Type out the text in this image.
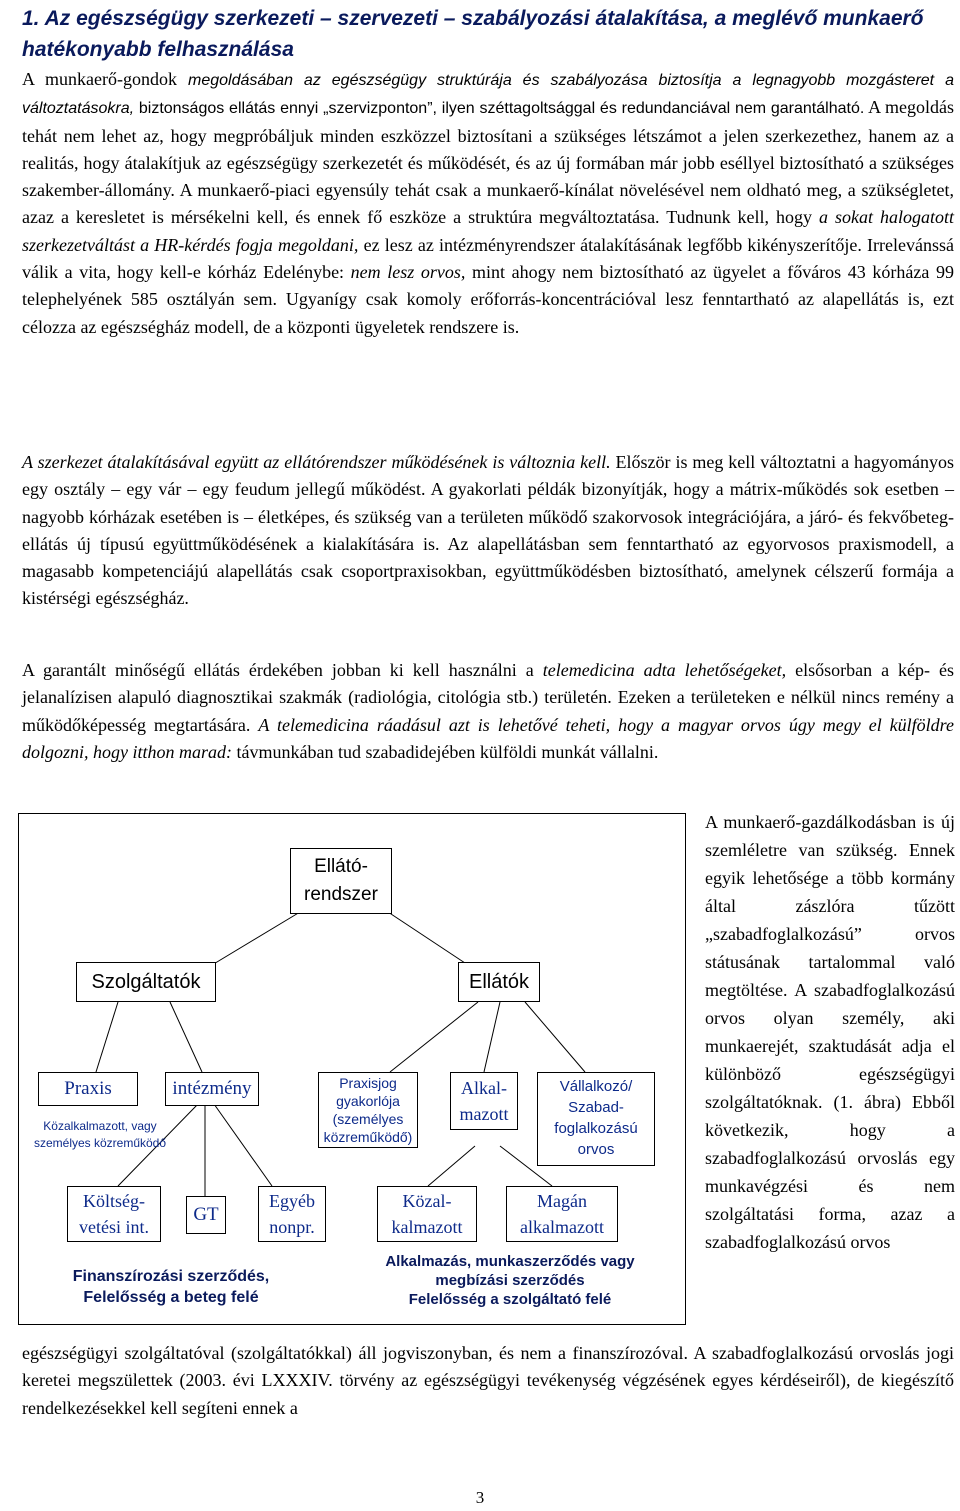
1. Az egészségügy szerkezeti – szervezeti – szabályozási átalakítása, a meglévő munkaerő hatékonyabb felhasználása

A munkaerő-gondok megoldásában az egészségügy struktúrája és szabályozása biztosítja a legnagyobb mozgásteret a változtatásokra, biztonságos ellátás ennyi „szervizponton”, ilyen széttagoltsággal és redundanciával nem garantálható. A megoldás tehát nem lehet az, hogy megpróbáljuk minden eszközzel biztosítani a szükséges létszámot a jelen szerkezethez, hanem az a realitás, hogy átalakítjuk az egészségügy szerkezetét és működését, és az új formában már jobb eséllyel biztosítható a szükséges szakember-állomány. A munkaerő-piaci egyensúly tehát csak a munkaerő-kínálat növelésével nem oldható meg, a szükségletet, azaz a keresletet is mérsékelni kell, és ennek fő eszköze a struktúra megváltoztatása. Tudnunk kell, hogy a sokat halogatott szerkezetváltást a HR-kérdés fogja megoldani, ez lesz az intézményrendszer átalakításának legfőbb kikényszerítője. Irrelevánssá válik a vita, hogy kell-e kórház Edelénybe: nem lesz orvos, mint ahogy nem biztosítható az ügyelet a főváros 43 kórháza 99 telephelyének 585 osztályán sem. Ugyanígy csak komoly erőforrás-koncentrációval lesz fenntartható az alapellátás is, ezt célozza az egészségház modell, de a központi ügyeletek rendszere is.

A szerkezet átalakításával együtt az ellátórendszer működésének is változnia kell. Először is meg kell változtatni a hagyományos egy osztály – egy vár – egy feudum jellegű működést. A gyakorlati példák bizonyítják, hogy a mátrix-működés sok esetben – nagyobb kórházak esetében is – életképes, és szükség van a területen működő szakorvosok integrációjára, a járó- és fekvőbeteg-ellátás új típusú együttműködésének a kialakítására is. Az alapellátásban sem fenntartható az egyorvosos praxismodell, a magasabb kompetenciájú alapellátás csak csoportpraxisokban, együttműködésben biztosítható, amelynek célszerű formája a kistérségi egészségház.

A garantált minőségű ellátás érdekében jobban ki kell használni a telemedicina adta lehetőségeket, elsősorban a kép- és jelanalízisen alapuló diagnosztikai szakmák (radiológia, citológia stb.) területén. Ezeken a területeken e nélkül nincs remény a működőképesség megtartására. A telemedicina ráadásul azt is lehetővé teheti, hogy a magyar orvos úgy megy el külföldre dolgozni, hogy itthon marad: távmunkában tud szabadidejében külföldi munkát vállalni.

Ellátó-
rendszer
Szolgáltatók	Ellátók
Praxis
Közalkalmazott, vagy
személyes közreműködő
intézmény
Költség-
vetési int.
GT
Egyéb
nonpr.
Praxisjog
gyakorlója
(személyes
közreműködő)
Alkal-
mazott
Vállalkozó/
Szabad-
foglalkozású
orvos
Közal-
kalmazott
Magán
alkalmazott
Finanszírozási szerződés,
Felelősség a beteg felé
Alkalmazás, munkaszerződés vagy
megbízási szerződés
Felelősség a szolgáltató felé

A munkaerő-gazdálkodásban is új szemléletre van szükség. Ennek egyik lehetősége a több kormány által zászlóra tűzött „szabadfoglalkozású” orvos státusának tartalommal való megtöltése. A szabadfoglalkozású orvos olyan személy, aki munkaerejét, szaktudását adja el különböző egészségügyi szolgáltatóknak. (1. ábra) Ebből következik, hogy a szabadfoglalkozású orvoslás egy munkavégzési és nem szolgáltatási forma, azaz a szabadfoglalkozású orvos

egészségügyi szolgáltatóval (szolgáltatókkal) áll jogviszonyban, és nem a finanszírozóval. A szabadfoglalkozású orvoslás jogi keretei megszülettek (2003. évi LXXXIV. törvény az egészségügyi tevékenység végzésének egyes kérdéseiről), de kiegészítő rendelkezésekkel kell segíteni ennek a

3
